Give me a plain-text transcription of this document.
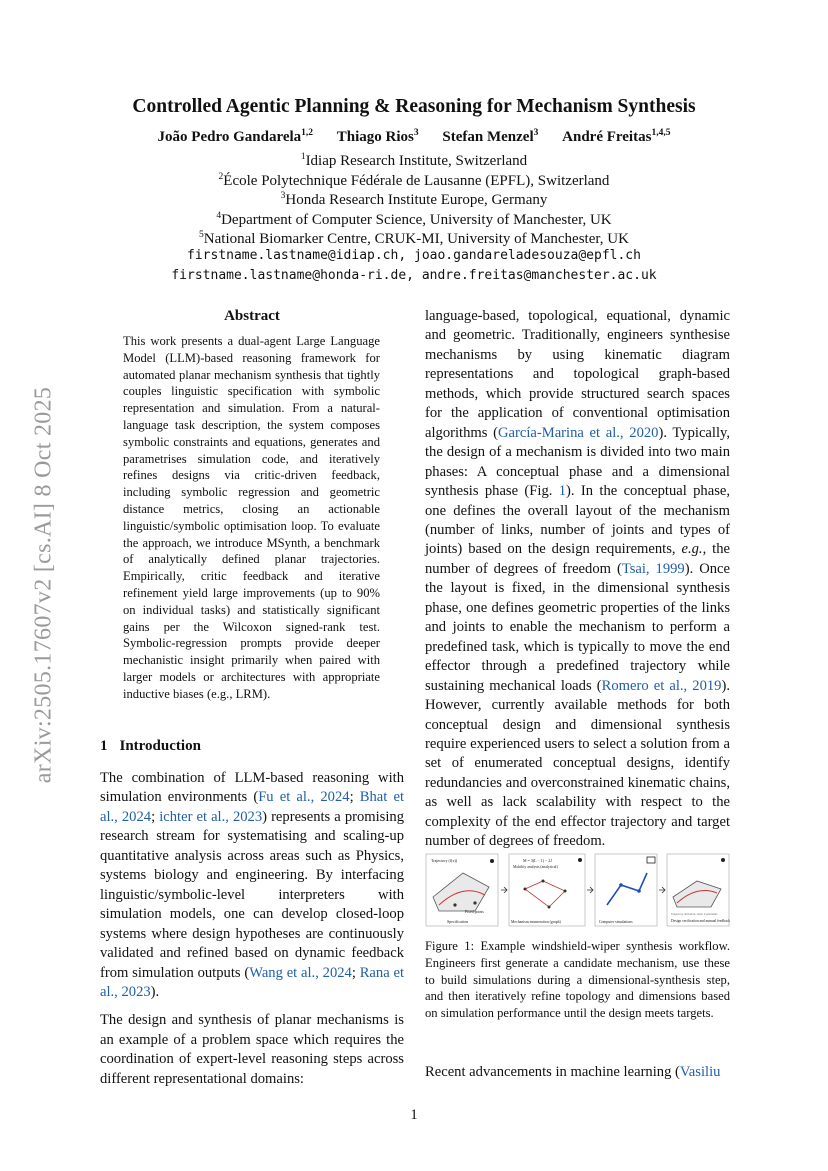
arXiv:2505.17607v2 [cs.AI] 8 Oct 2025
Controlled Agentic Planning & Reasoning for Mechanism Synthesis
João Pedro Gandarela$^{1,2}$ Thiago Rios$^3$ Stefan Menzel$^3$ André Freitas$^{1,4,5}$
$^1$Idiap Research Institute, Switzerland
$^2$École Polytechnique Fédérale de Lausanne (EPFL), Switzerland
$^3$Honda Research Institute Europe, Germany
$^4$Department of Computer Science, University of Manchester, UK
$^5$National Biomarker Centre, CRUK-MI, University of Manchester, UK
firstname.lastname@idiap.ch, joao.gandareladesouza@epfl.ch
firstname.lastname@honda-ri.de, andre.freitas@manchester.ac.uk
Abstract
This work presents a dual-agent Large Language Model (LLM)-based reasoning framework for automated planar mechanism synthesis that tightly couples linguistic specification with symbolic representation and simulation. From a natural-language task description, the system composes symbolic constraints and equations, generates and parametrises simulation code, and iteratively refines designs via critic-driven feedback, including symbolic regression and geometric distance metrics, closing an actionable linguistic/symbolic optimisation loop. To evaluate the approach, we introduce MSynth, a benchmark of analytically defined planar trajectories. Empirically, critic feedback and iterative refinement yield large improvements (up to 90% on individual tasks) and statistically significant gains per the Wilcoxon signed-rank test. Symbolic-regression prompts provide deeper mechanistic insight primarily when paired with larger models or architectures with appropriate inductive biases (e.g., LRM).
1 Introduction

The combination of LLM-based reasoning with simulation environments (Fu et al., 2024; Bhat et al., 2024; ichter et al., 2023) represents a promising research stream for systematising and scaling-up quantitative analysis across areas such as Physics, systems biology and engineering. By interfacing linguistic/symbolic-level interpreters with simulation models, one can develop closed-loop systems where design hypotheses are continuously validated and refined based on dynamic feedback from simulation outputs (Wang et al., 2024; Rana et al., 2023).

The design and synthesis of planar mechanisms is an example of a problem space which requires the coordination of expert-level reasoning steps across different representational domains:

language-based, topological, equational, dynamic and geometric. Traditionally, engineers synthesise mechanisms by using kinematic diagram representations and topological graph-based methods, which provide structured search spaces for the application of conventional optimisation algorithms (García-Marina et al., 2020). Typically, the design of a mechanism is divided into two main phases: A conceptual phase and a dimensional synthesis phase (Fig. 1). In the conceptual phase, one defines the overall layout of the mechanism (number of links, number of joints and types of joints) based on the design requirements, e.g., the number of degrees of freedom (Tsai, 1999). Once the layout is fixed, in the dimensional synthesis phase, one defines geometric properties of the links and joints to enable the mechanism to perform a predefined task, which is typically to move the end effector through a predefined trajectory while sustaining mechanical loads (Romero et al., 2019). However, currently available methods for both conceptual design and dimensional synthesis require experienced users to select a solution from a set of enumerated conceptual designs, identify redundancies and overconstrained kinematic chains, as well as lack scalability with respect to the complexity of the end effector trajectory and target number of degrees of freedom.

Trajectory (f(x))
Fixed points
Specification
M = 3(L − 1) − 2J
Mobility analysis (analytical)
Mechanism enumeration (graph)	Computer simulations
Trajectory deviation, static Constraints
Design verification and manual feedback
Figure 1: Example windshield-wiper synthesis workflow. Engineers first generate a candidate mechanism, use these to build simulations during a dimensional-synthesis step, and then iteratively refine topology and dimensions based on simulation performance until the design meets targets.

Recent advancements in machine learning (Vasiliu

1
